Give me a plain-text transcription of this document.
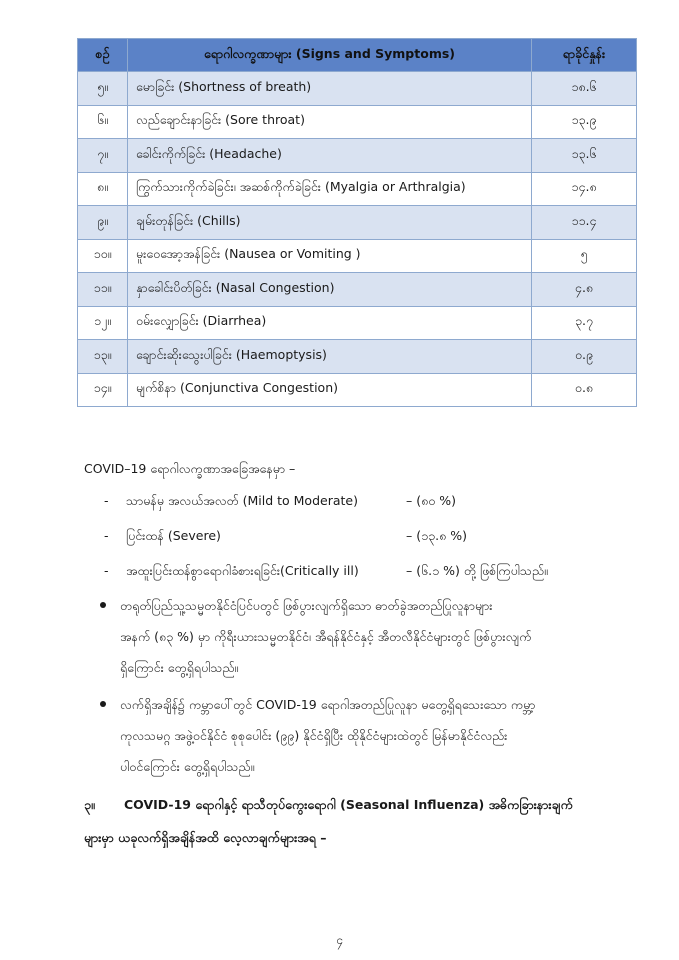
စဉ်	ရောဂါလက္ခဏာများ (Signs and Symptoms)	ရာခိုင်နှုန်း
၅။	မောခြင်း (Shortness of breath)	၁၈.၆
၆။	လည်ချောင်းနာခြင်း (Sore throat)	၁၃.၉
၇။	ခေါင်းကိုက်ခြင်း (Headache)	၁၃.၆
၈။	ကြွက်သားကိုက်ခဲခြင်း၊ အဆစ်ကိုက်ခဲခြင်း (Myalgia or Arthralgia)	၁၄.၈
၉။	ချမ်းတုန်ခြင်း (Chills)	၁၁.၄
၁၀။	မူးဝေအော့အန်ခြင်း (Nausea or Vomiting )	၅
၁၁။	နှာခေါင်းပိတ်ခြင်း (Nasal Congestion)	၄.၈
၁၂။	ဝမ်းလျှောခြင်း (Diarrhea)	၃.၇
၁၃။	ချောင်းဆိုးသွေးပါခြင်း (Haemoptysis)	၀.၉
၁၄။	မျက်စိနာ (Conjunctiva Congestion)	၀.၈
COVID–19 ရောဂါလက္ခဏာအခြေအနေမှာ –
- သာမန်မှ အလယ်အလတ် (Mild to Moderate)	– (၈၀ %)
- ပြင်းထန် (Severe)	– (၁၃.၈ %)
- အထူးပြင်းထန်စွာရောဂါခံစားရခြင်း(Critically ill)	– (၆.၁ %) တို့ ဖြစ်ကြပါသည်။
တရုတ်ပြည်သူ့သမ္မတနိုင်ငံပြင်ပတွင် ဖြစ်ပွားလျက်ရှိသော ဓာတ်ခွဲအတည်ပြုလူနာများ
အနက် (၈၃ %) မှာ ကိုရီးယားသမ္မတနိုင်ငံ၊ အီရန်နိုင်ငံနှင့် အီတလီနိုင်ငံများတွင် ဖြစ်ပွားလျက်
ရှိကြောင်း တွေ့ရှိရပါသည်။
လက်ရှိအချိန်၌ ကမ္ဘာပေါ်တွင် COVID-19 ရောဂါအတည်ပြုလူနာ မတွေ့ရှိရသေးသော ကမ္ဘာ့
ကုလသမဂ္ဂ အဖွဲ့ဝင်နိုင်ငံ စုစုပေါင်း (၉၉) နိုင်ငံရှိပြီး ထိုနိုင်ငံများထဲတွင် မြန်မာနိုင်ငံလည်း
ပါဝင်ကြောင်း တွေ့ရှိရပါသည်။
၃။ COVID-19 ရောဂါနှင့် ရာသီတုပ်ကွေးရောဂါ (Seasonal Influenza) အဓိကခြားနားချက်
များမှာ ယခုလက်ရှိအချိန်အထိ လေ့လာချက်များအရ –
၄
